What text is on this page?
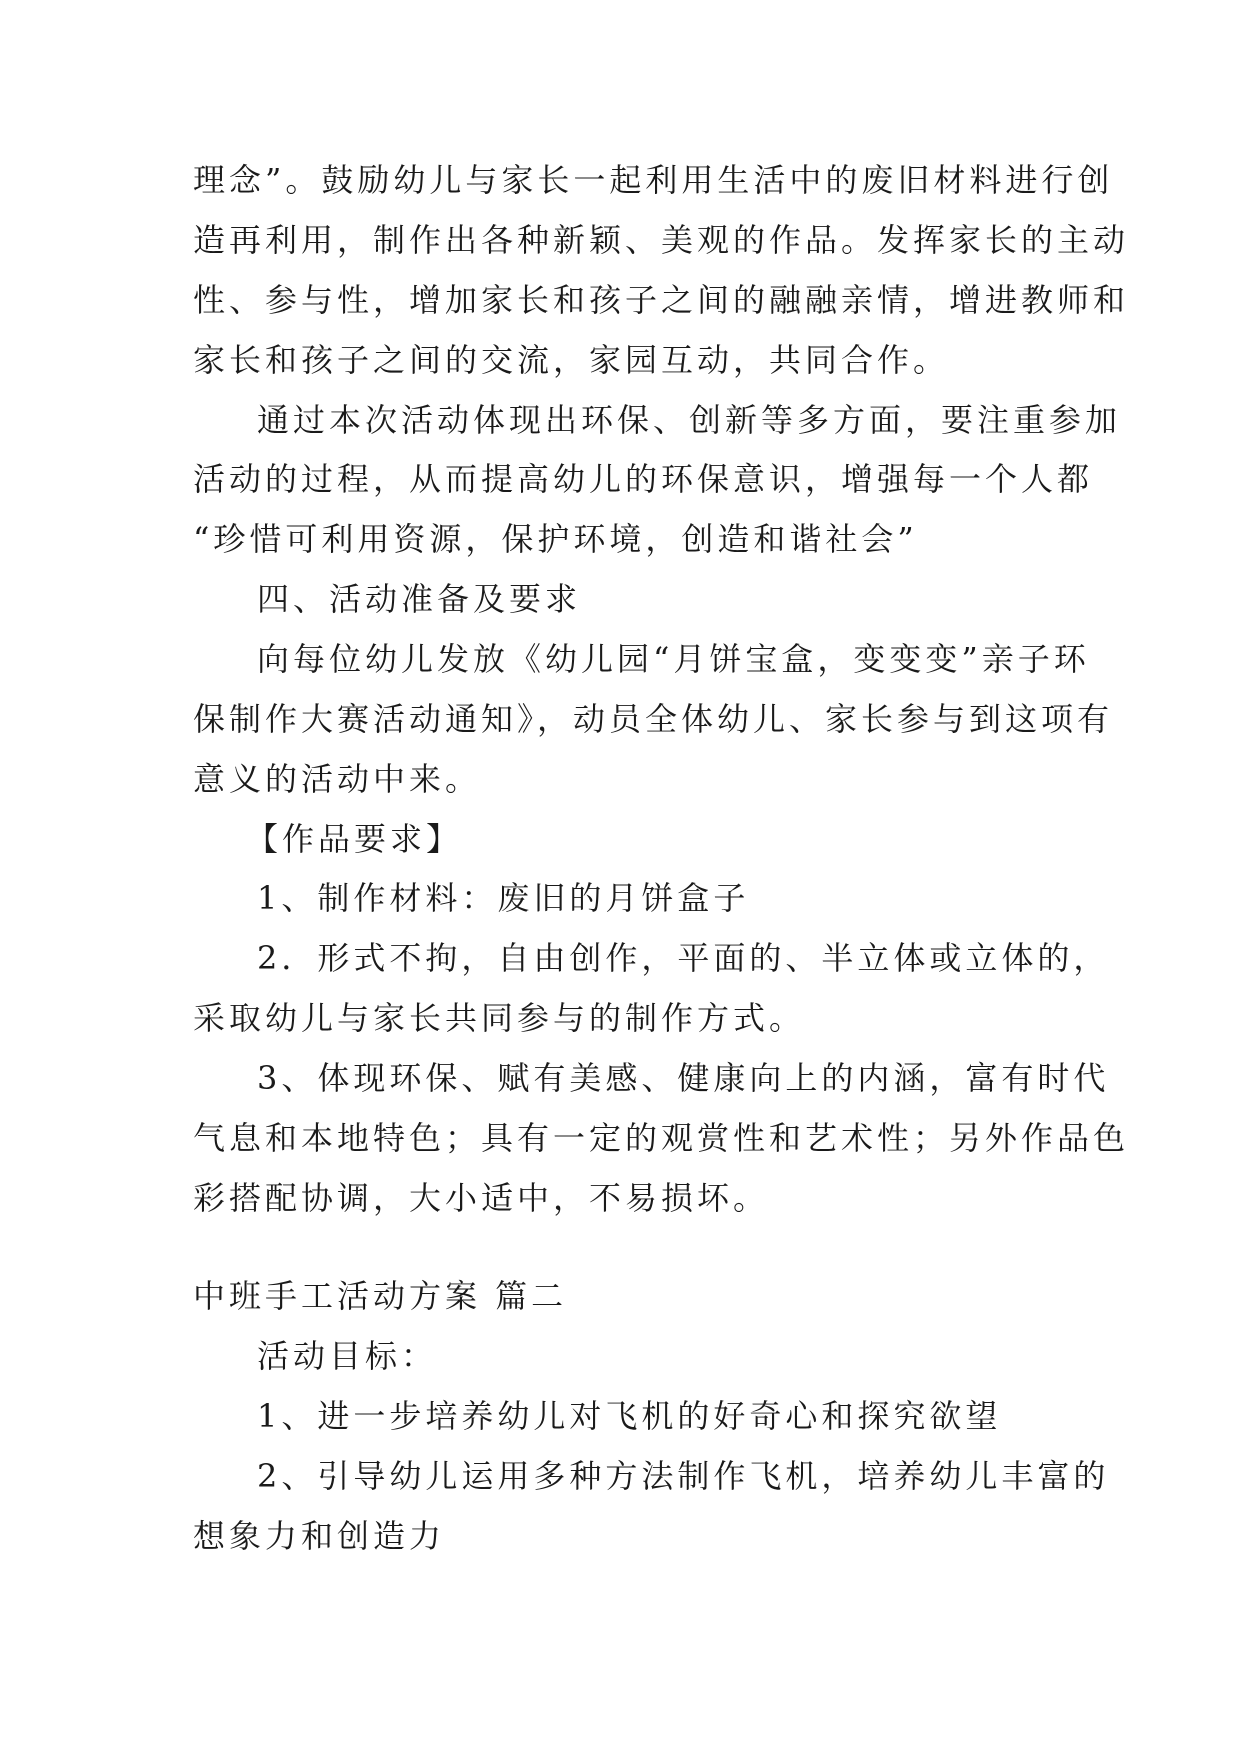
理念”。鼓励幼儿与家长一起利用生活中的废旧材料进行创
造再利用，制作出各种新颖、美观的作品。发挥家长的主动
性、参与性，增加家长和孩子之间的融融亲情，增进教师和
家长和孩子之间的交流，家园互动，共同合作。
通过本次活动体现出环保、创新等多方面，要注重参加
活动的过程，从而提高幼儿的环保意识，增强每一个人都
“珍惜可利用资源，保护环境，创造和谐社会”
四、活动准备及要求
向每位幼儿发放《幼儿园“月饼宝盒，变变变”亲子环
保制作大赛活动通知》，动员全体幼儿、家长参与到这项有
意义的活动中来。
【作品要求】
1、制作材料：废旧的月饼盒子
2．形式不拘，自由创作，平面的、半立体或立体的，
采取幼儿与家长共同参与的制作方式。
3、体现环保、赋有美感、健康向上的内涵，富有时代
气息和本地特色；具有一定的观赏性和艺术性；另外作品色
彩搭配协调，大小适中，不易损坏。
中班手工活动方案 篇二
活动目标：
1、进一步培养幼儿对飞机的好奇心和探究欲望
2、引导幼儿运用多种方法制作飞机，培养幼儿丰富的
想象力和创造力
